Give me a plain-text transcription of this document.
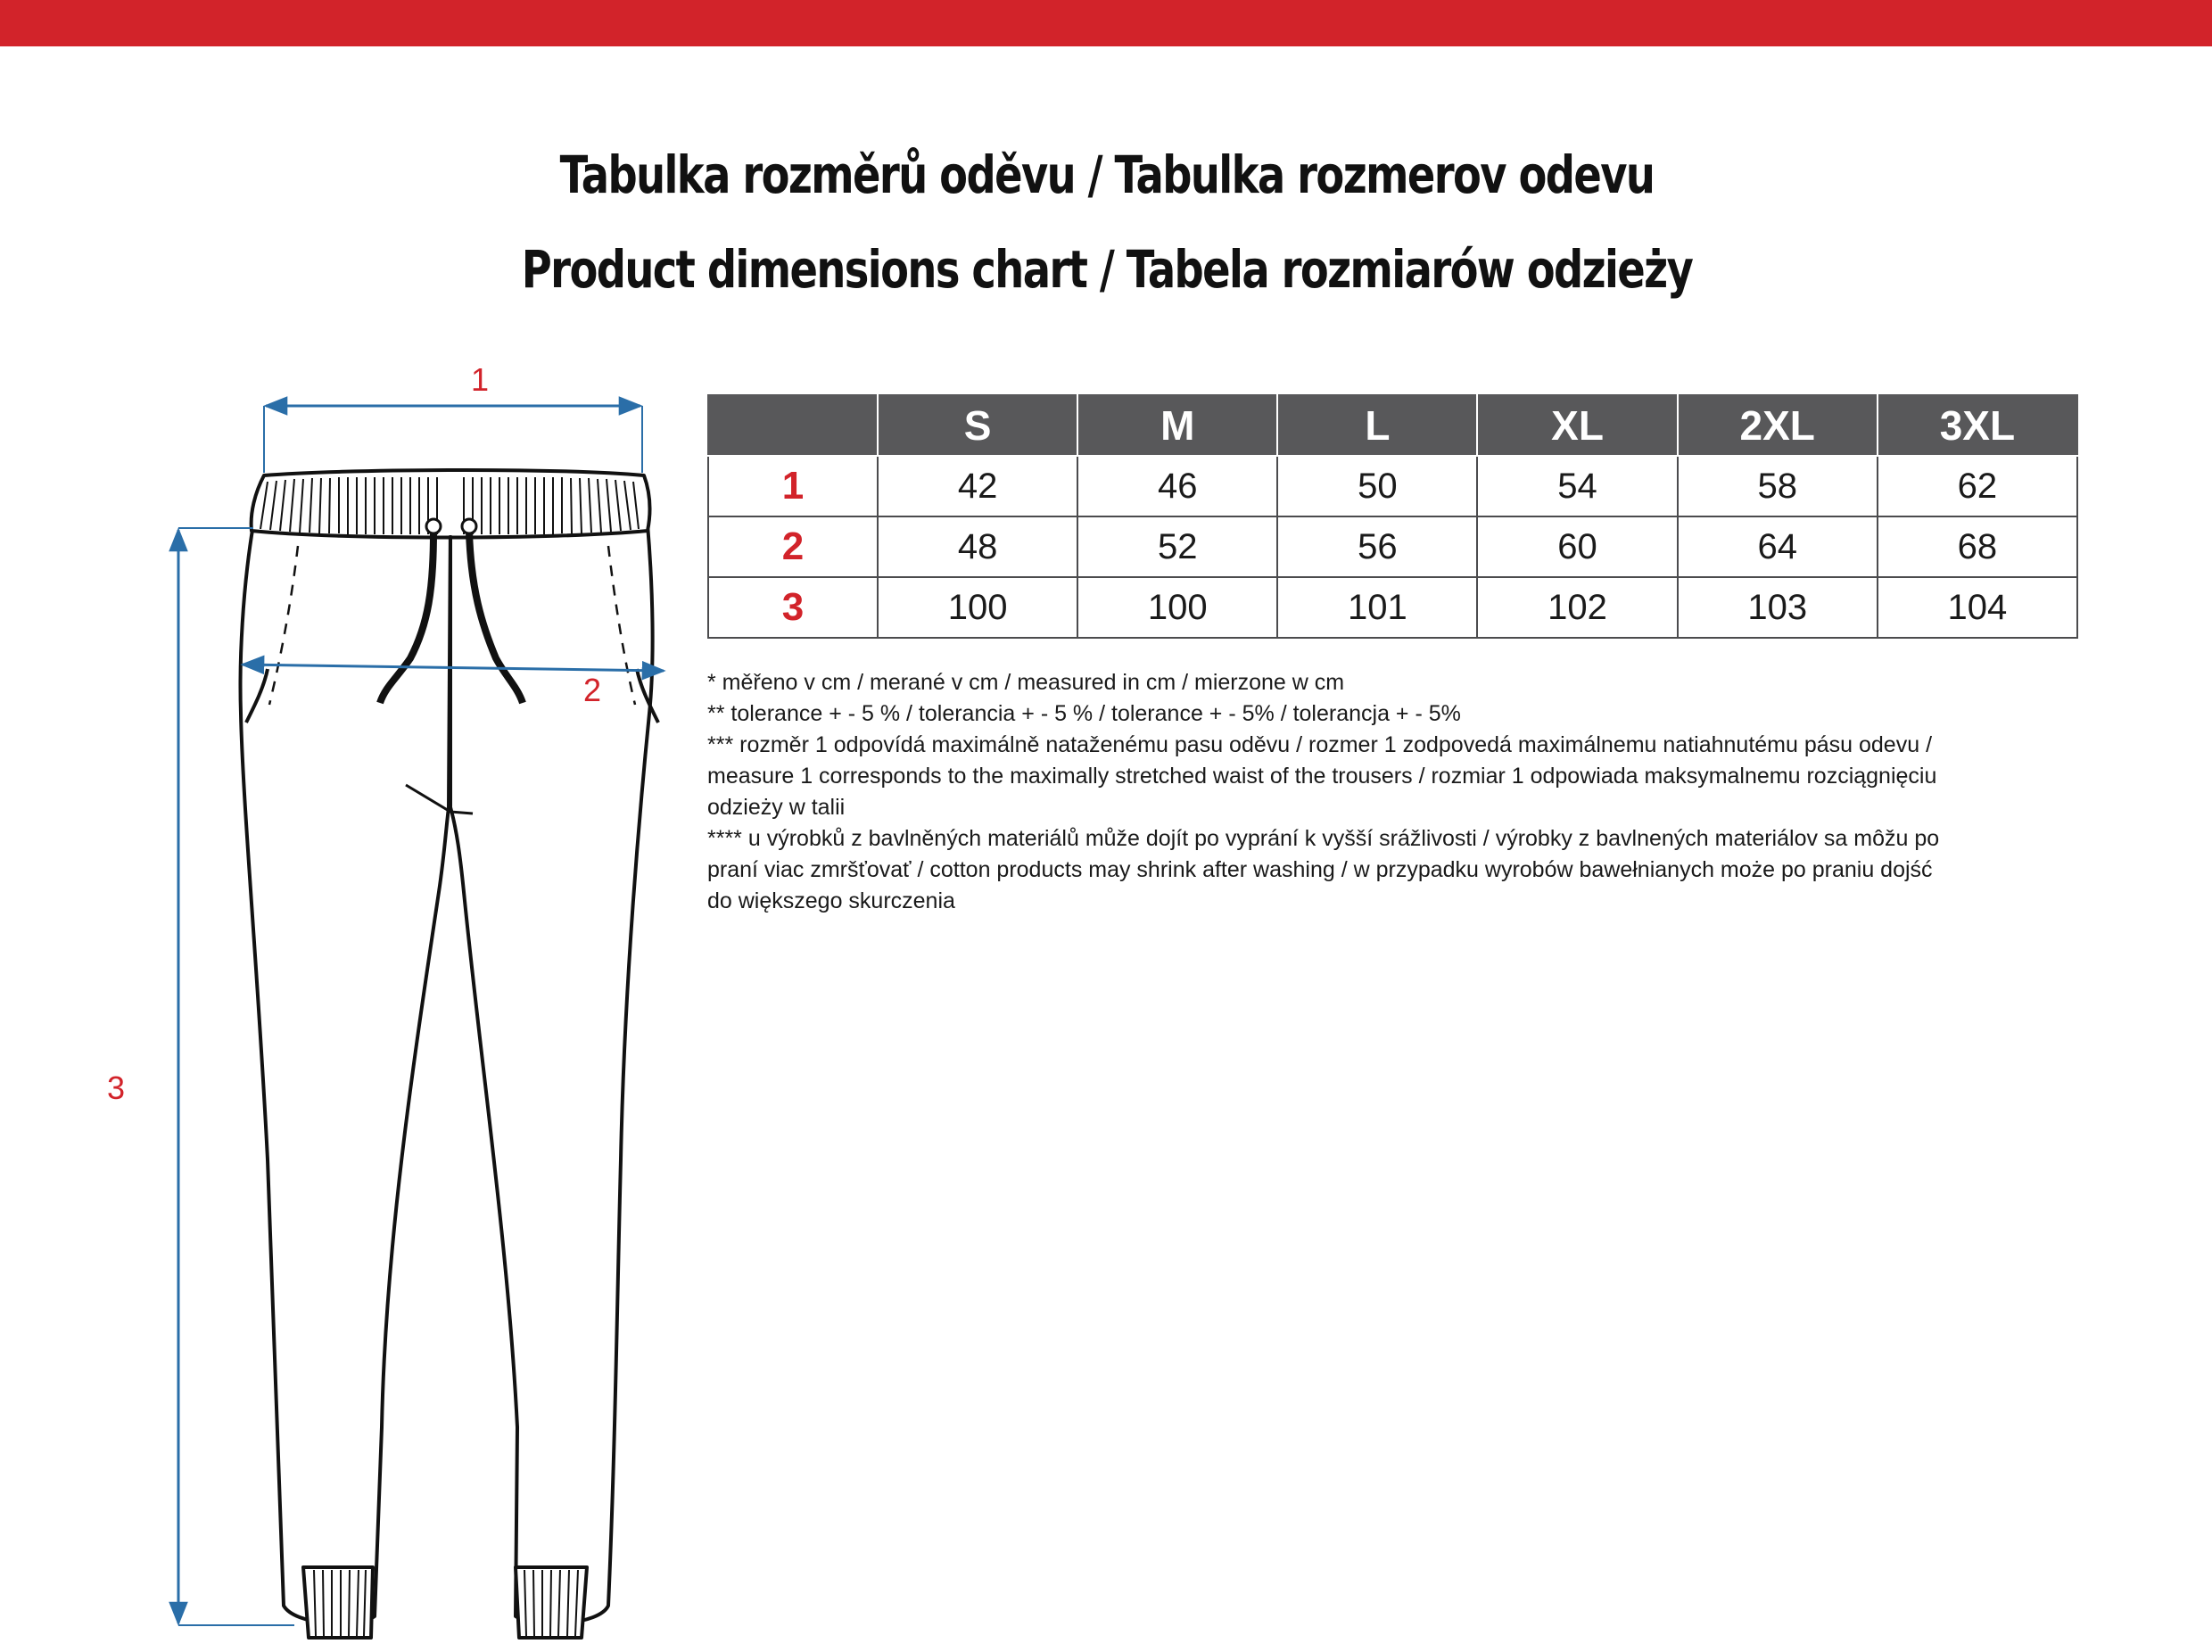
Tabulka rozměrů oděvu / Tabulka rozmerov odevu
Product dimensions chart / Tabela rozmiarów odzieży
1
2
3
	S	M	L	XL	2XL	3XL
1	42	46	50	54	58	62
2	48	52	56	60	64	68
3	100	100	101	102	103	104
* měřeno v cm / merané v cm / measured in cm / mierzone w cm
** tolerance + - 5 % / tolerancia + - 5 % / tolerance + - 5% / tolerancja + - 5%
*** rozměr 1 odpovídá maximálně nataženému pasu oděvu / rozmer 1 zodpovedá maximálnemu natiahnutému pásu odevu /
measure 1 corresponds to the maximally stretched waist of the trousers / rozmiar 1 odpowiada maksymalnemu rozciągnięciu
odzieży w talii
**** u výrobků z bavlněných materiálů může dojít po vyprání k vyšší srážlivosti / výrobky z bavlnených materiálov sa môžu po
praní viac zmršťovať / cotton products may shrink after washing / w przypadku wyrobów bawełnianych może po praniu dojść
do większego skurczenia
